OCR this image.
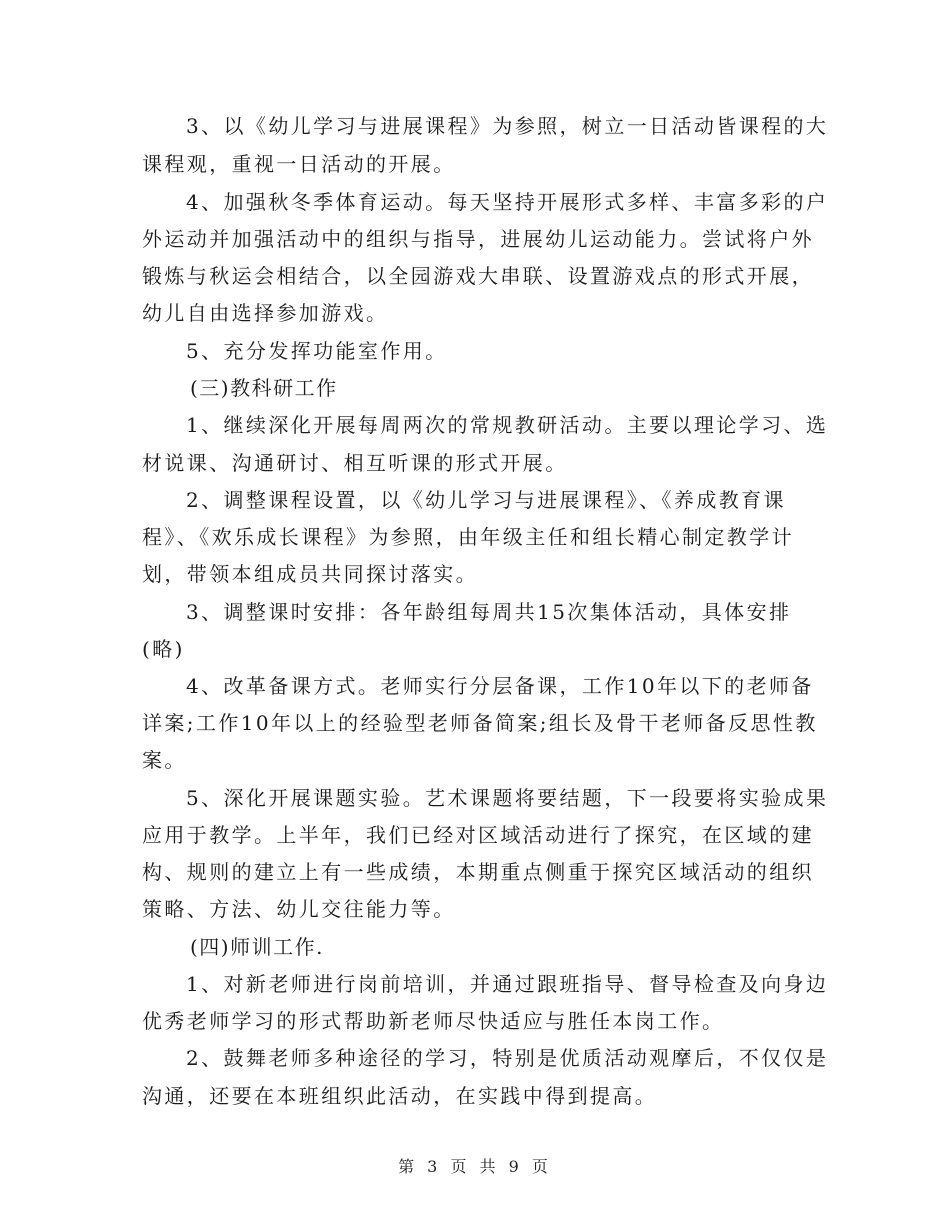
3、以《幼儿学习与进展课程》为参照，树立一日活动皆课程的大
课程观，重视一日活动的开展。
4、加强秋冬季体育运动。每天坚持开展形式多样、丰富多彩的户
外运动并加强活动中的组织与指导，进展幼儿运动能力。尝试将户外
锻炼与秋运会相结合，以全园游戏大串联、设置游戏点的形式开展，
幼儿自由选择参加游戏。
5、充分发挥功能室作用。
(三)教科研工作
1、继续深化开展每周两次的常规教研活动。主要以理论学习、选
材说课、沟通研讨、相互听课的形式开展。
2、调整课程设置，以《幼儿学习与进展课程》、《养成教育课
程》、《欢乐成长课程》为参照，由年级主任和组长精心制定教学计
划，带领本组成员共同探讨落实。
3、调整课时安排：各年龄组每周共15次集体活动，具体安排
(略)
4、改革备课方式。老师实行分层备课，工作10年以下的老师备
详案;工作10年以上的经验型老师备简案;组长及骨干老师备反思性教
案。
5、深化开展课题实验。艺术课题将要结题，下一段要将实验成果
应用于教学。上半年，我们已经对区域活动进行了探究，在区域的建
构、规则的建立上有一些成绩，本期重点侧重于探究区域活动的组织
策略、方法、幼儿交往能力等。
(四)师训工作.
1、对新老师进行岗前培训，并通过跟班指导、督导检查及向身边
优秀老师学习的形式帮助新老师尽快适应与胜任本岗工作。
2、鼓舞老师多种途径的学习，特别是优质活动观摩后，不仅仅是
沟通，还要在本班组织此活动，在实践中得到提高。
第 3 页 共 9 页
